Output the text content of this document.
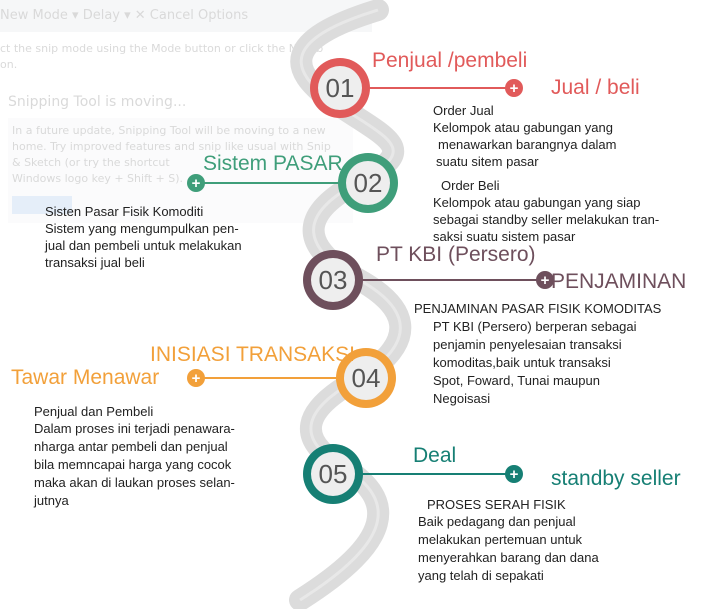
New Mode ▾ Delay ▾ ✕ Cancel Options
ct the snip mode using the Mode button or click the New b
on.
Snipping Tool is moving...
In a future update, Snipping Tool will be moving to a new
home. Try improved features and snip like usual with Snip
& Sketch (or try the shortcut
Windows logo key + Shift + S).
01
02
03
04
05
+
+
+
+
+
Penjual /pembeli
Jual / beli
Order Jual
Kelompok atau gabungan yang
menawarkan barangnya dalam
suatu sitem pasar
Sistem PASAR
Sisten Pasar Fisik Komoditi
Sistem yang mengumpulkan pen-
jual dan pembeli untuk melakukan
transaksi jual beli
Order Beli
Kelompok atau gabungan yang siap
sebagai standby seller melakukan tran-
saksi suatu sistem pasar
PT KBI (Persero)
PENJAMINAN
PENJAMINAN PASAR FISIK KOMODITAS
PT KBI (Persero) berperan sebagai
penjamin penyelesaian transaksi
komoditas,baik untuk transaksi
Spot, Foward, Tunai maupun
Negoisasi
INISIASI TRANSAKSI
Tawar Menawar
Penjual dan Pembeli
Dalam proses ini terjadi penawara-
nharga antar pembeli dan penjual
bila memncapai harga yang cocok
maka akan di laukan proses selan-
jutnya
Deal
standby seller
PROSES SERAH FISIK
Baik pedagang dan penjual
melakukan pertemuan untuk
menyerahkan barang dan dana
yang telah di sepakati
